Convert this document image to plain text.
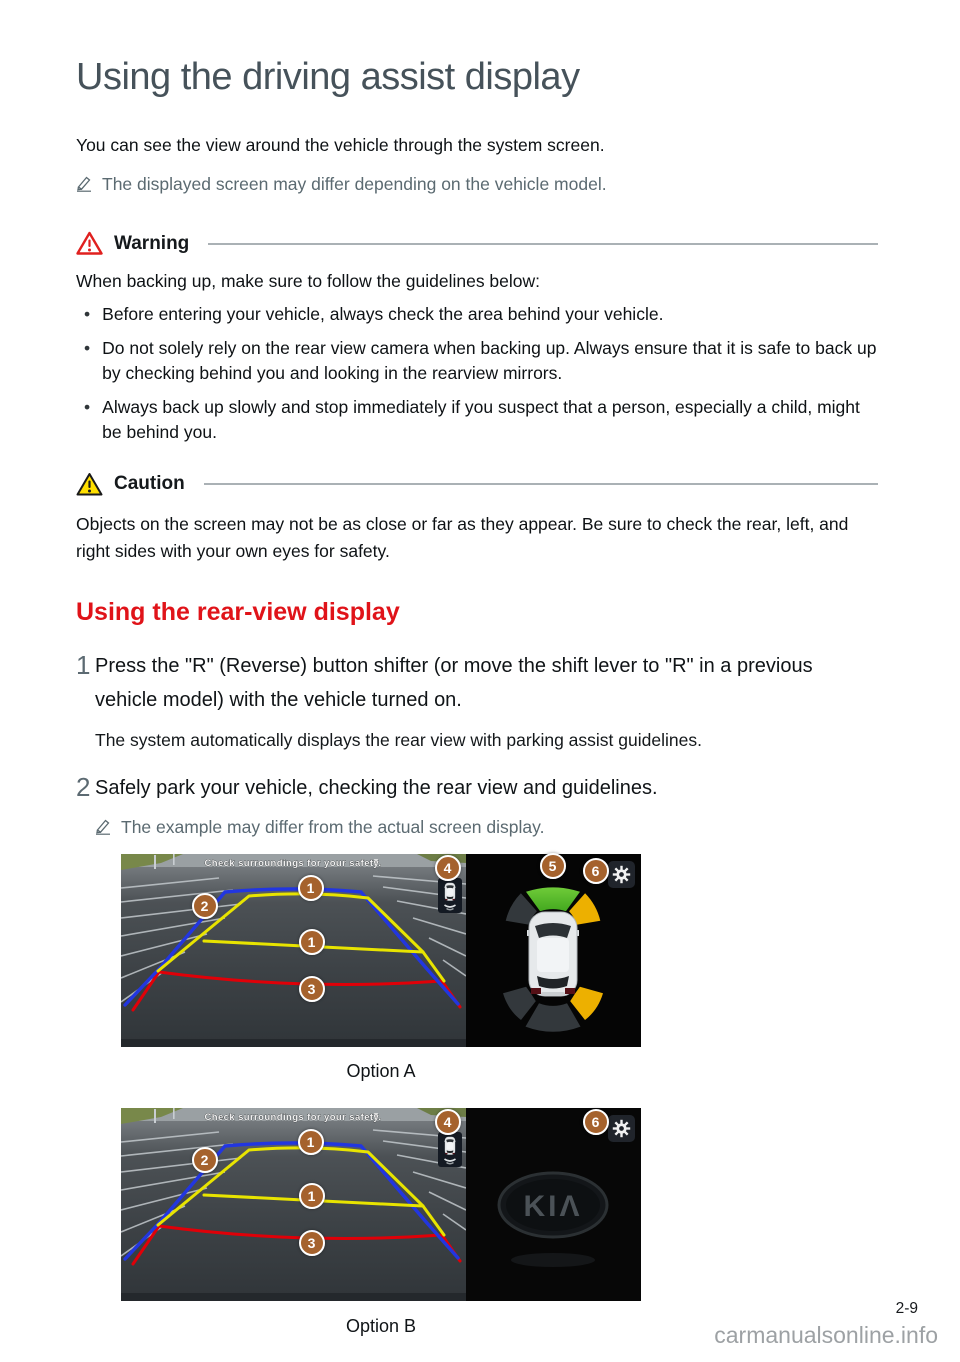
Using the driving assist display

You can see the view around the vehicle through the system screen.

The displayed screen may differ depending on the vehicle model.
Warning

When backing up, make sure to follow the guidelines below:

• Before entering your vehicle, always check the area behind your vehicle.
• Do not solely rely on the rear view camera when backing up. Always ensure that it is safe to back up by checking behind you and looking in the rearview mirrors.
• Always back up slowly and stop immediately if you suspect that a person, especially a child, might be behind you.
Caution

Objects on the screen may not be as close or far as they appear. Be sure to check the rear, left, and right sides with your own eyes for safety.

Using the rear-view display
1 Press the "R" (Reverse) button shifter (or move the shift lever to "R" in a previous vehicle model) with the vehicle turned on.

The system automatically displays the rear view with parking assist guidelines.

2 Safely park your vehicle, checking the rear view and guidelines.
The example may differ from the actual screen display.
Check surroundings for your safety.
1
2
1
3
4	5	6
Option A
Check surroundings for your safety.
KIΛ
1
2
1
3
4	6
Option B
2-9
carmanualsonline.info
